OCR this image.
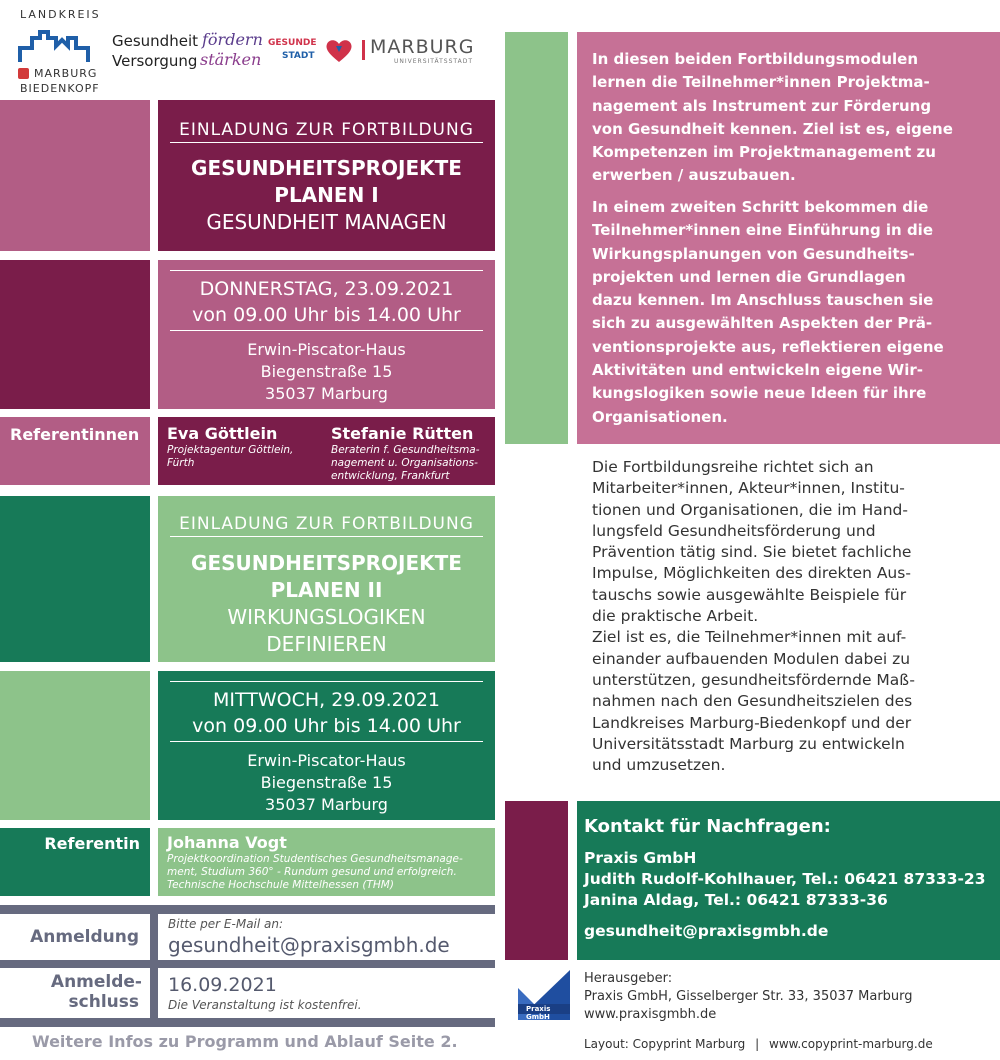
LANDKREIS
MARBURG
BIEDENKOPF
Gesundheit
Versorgung
fördern
stärken
GESUNDE
STADT	MARBURG
UNIVERSITÄTSSTADT
EINLADUNG ZUR FORTBILDUNG
GESUNDHEITSPROJEKTE
PLANEN I
GESUNDHEIT MANAGEN
DONNERSTAG, 23.09.2021
von 09.00 Uhr bis 14.00 Uhr
Erwin-Piscator-Haus
Biegenstraße 15
35037 Marburg
Referentinnen Eva Göttlein
Projektagentur Göttlein,
Fürth
Stefanie Rütten
Beraterin f. Gesundheitsma-
nagement u. Organisations-
entwicklung, Frankfurt
EINLADUNG ZUR FORTBILDUNG
GESUNDHEITSPROJEKTE
PLANEN II
WIRKUNGSLOGIKEN
DEFINIEREN
MITTWOCH, 29.09.2021
von 09.00 Uhr bis 14.00 Uhr
Erwin-Piscator-Haus
Biegenstraße 15
35037 Marburg
Referentin Johanna Vogt
Projektkoordination Studentisches Gesundheitsmanage-
ment, Studium 360° - Rundum gesund und erfolgreich.
Technische Hochschule Mittelhessen (THM)
Anmeldung
Bitte per E-Mail an:
gesundheit@praxisgmbh.de
Anmelde-
schluss
16.09.2021
Die Veranstaltung ist kostenfrei.
Weitere Infos zu Programm und Ablauf Seite 2.
In diesen beiden Fortbildungsmodulen
lernen die Teilnehmer*innen Projektma-
nagement als Instrument zur Förderung
von Gesundheit kennen. Ziel ist es, eigene
Kompetenzen im Projektmanagement zu
erwerben / auszubauen.
In einem zweiten Schritt bekommen die
Teilnehmer*innen eine Einführung in die
Wirkungsplanungen von Gesundheits-
projekten und lernen die Grundlagen
dazu kennen. Im Anschluss tauschen sie
sich zu ausgewählten Aspekten der Prä-
ventionsprojekte aus, reflektieren eigene
Aktivitäten und entwickeln eigene Wir-
kungslogiken sowie neue Ideen für ihre
Organisationen.
Die Fortbildungsreihe richtet sich an
Mitarbeiter*innen, Akteur*innen, Institu-
tionen und Organisationen, die im Hand-
lungsfeld Gesundheitsförderung und
Prävention tätig sind. Sie bietet fachliche
Impulse, Möglichkeiten des direkten Aus-
tauschs sowie ausgewählte Beispiele für
die praktische Arbeit.
Ziel ist es, die Teilnehmer*innen mit auf-
einander aufbauenden Modulen dabei zu
unterstützen, gesundheitsfördernde Maß-
nahmen nach den Gesundheitszielen des
Landkreises Marburg-Biedenkopf und der
Universitätsstadt Marburg zu entwickeln
und umzusetzen.
Kontakt für Nachfragen:
Praxis GmbH
Judith Rudolf-Kohlhauer, Tel.: 06421 87333-23
Janina Aldag, Tel.: 06421 87333-36
gesundheit@praxisgmbh.de
Praxis GmbH
Herausgeber:
Praxis GmbH, Gisselberger Str. 33, 35037 Marburg
www.praxisgmbh.de
Layout: Copyprint Marburg | www.copyprint-marburg.de
